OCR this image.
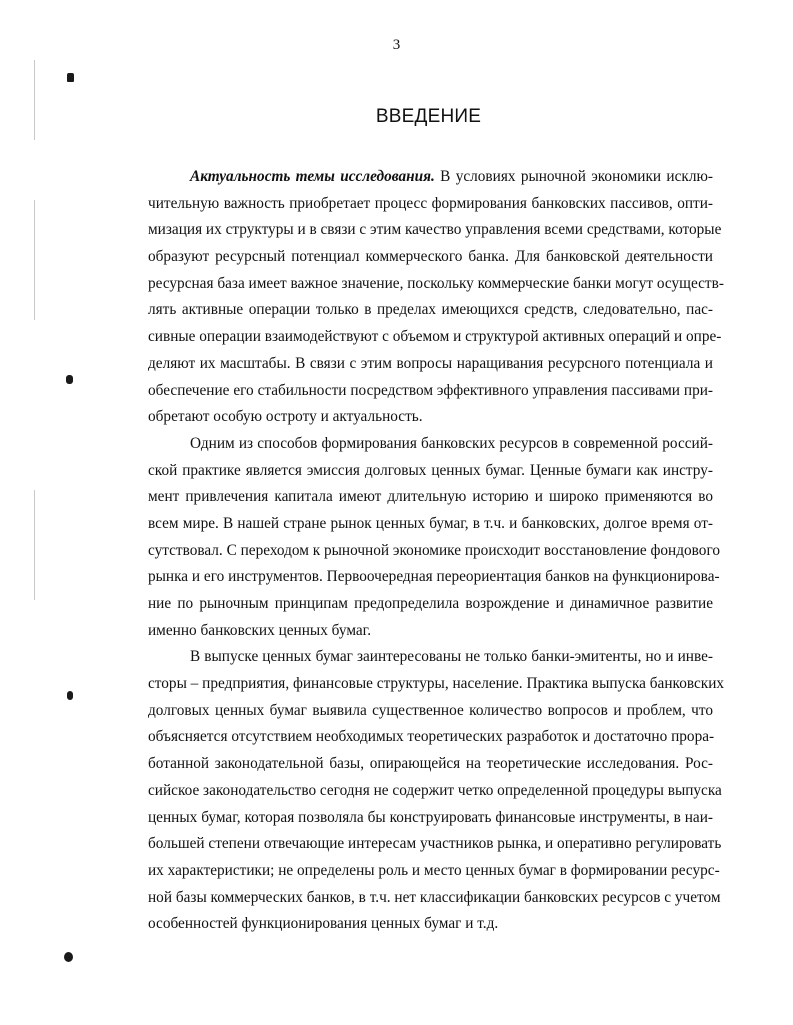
3
ВВЕДЕНИЕ

Актуальность темы исследования. В условиях рыночной экономики исклю-
чительную важность приобретает процесс формирования банковских пассивов, опти-
мизация их структуры и в связи с этим качество управления всеми средствами, которые
образуют ресурсный потенциал коммерческого банка. Для банковской деятельности
ресурсная база имеет важное значение, поскольку коммерческие банки могут осуществ-
лять активные операции только в пределах имеющихся средств, следовательно, пас-
сивные операции взаимодействуют с объемом и структурой активных операций и опре-
деляют их масштабы. В связи с этим вопросы наращивания ресурсного потенциала и
обеспечение его стабильности посредством эффективного управления пассивами при-
обретают особую остроту и актуальность.

Одним из способов формирования банковских ресурсов в современной россий-
ской практике является эмиссия долговых ценных бумаг. Ценные бумаги как инстру-
мент привлечения капитала имеют длительную историю и широко применяются во
всем мире. В нашей стране рынок ценных бумаг, в т.ч. и банковских, долгое время от-
сутствовал. С переходом к рыночной экономике происходит восстановление фондового
рынка и его инструментов. Первоочередная переориентация банков на функционирова-
ние по рыночным принципам предопределила возрождение и динамичное развитие
именно банковских ценных бумаг.

В выпуске ценных бумаг заинтересованы не только банки-эмитенты, но и инве-
сторы – предприятия, финансовые структуры, население. Практика выпуска банковских
долговых ценных бумаг выявила существенное количество вопросов и проблем, что
объясняется отсутствием необходимых теоретических разработок и достаточно прора-
ботанной законодательной базы, опирающейся на теоретические исследования. Рос-
сийское законодательство сегодня не содержит четко определенной процедуры выпуска
ценных бумаг, которая позволяла бы конструировать финансовые инструменты, в наи-
большей степени отвечающие интересам участников рынка, и оперативно регулировать
их характеристики; не определены роль и место ценных бумаг в формировании ресурс-
ной базы коммерческих банков, в т.ч. нет классификации банковских ресурсов с учетом
особенностей функционирования ценных бумаг и т.д.
